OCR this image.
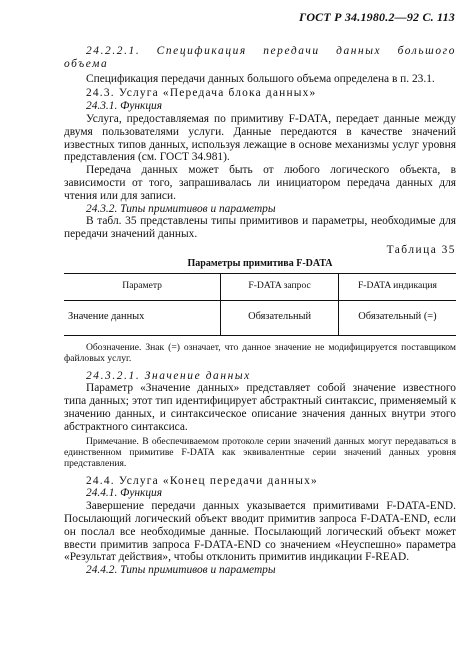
ГОСТ Р 34.1980.2—92 С. 113

24.2.2.1. Спецификация передачи данных большого объема

Спецификация передачи данных большого объема определена в п. 23.1.

24.3. Услуга «Передача блока данных»

24.3.1. Функция

Услуга, предоставляемая по примитиву F-DATA, передает данные между двумя пользователями услуги. Данные передаются в качестве значений известных типов данных, используя лежащие в основе механизмы услуг уровня представления (см. ГОСТ 34.981).

Передача данных может быть от любого логического объекта, в зависимости от того, запрашивалась ли инициатором передача данных для чтения или для записи.

24.3.2. Типы примитивов и параметры

В табл. 35 представлены типы примитивов и параметры, необходимые для передачи значений данных.

Таблица 35

Параметры примитива F-DATA

Параметр	F-DATA запрос	F-DATA индикация
Значение данных	Обязательный	Обязательный (=)

Обозначение. Знак (=) означает, что данное значение не модифицируется поставщиком файловых услуг.

24.3.2.1. Значение данных

Параметр «Значение данных» представляет собой значение известного типа данных; этот тип идентифицирует абстрактный синтаксис, применяемый к значению данных, и синтаксическое описание значения данных внутри этого абстрактного синтаксиса.

Примечание. В обеспечиваемом протоколе серии значений данных могут передаваться в единственном примитиве F-DATA как эквивалентные серии значений данных уровня представления.

24.4. Услуга «Конец передачи данных»

24.4.1. Функция

Завершение передачи данных указывается примитивами F-DATA-END. Посылающий логический объект вводит примитив запроса F-DATA-END, если он послал все необходимые данные. Посылающий логический объект может ввести примитив запроса F-DATA-END со значением «Неуспешно» параметра «Результат действия», чтобы отклонить примитив индикации F-READ.

24.4.2. Типы примитивов и параметры
